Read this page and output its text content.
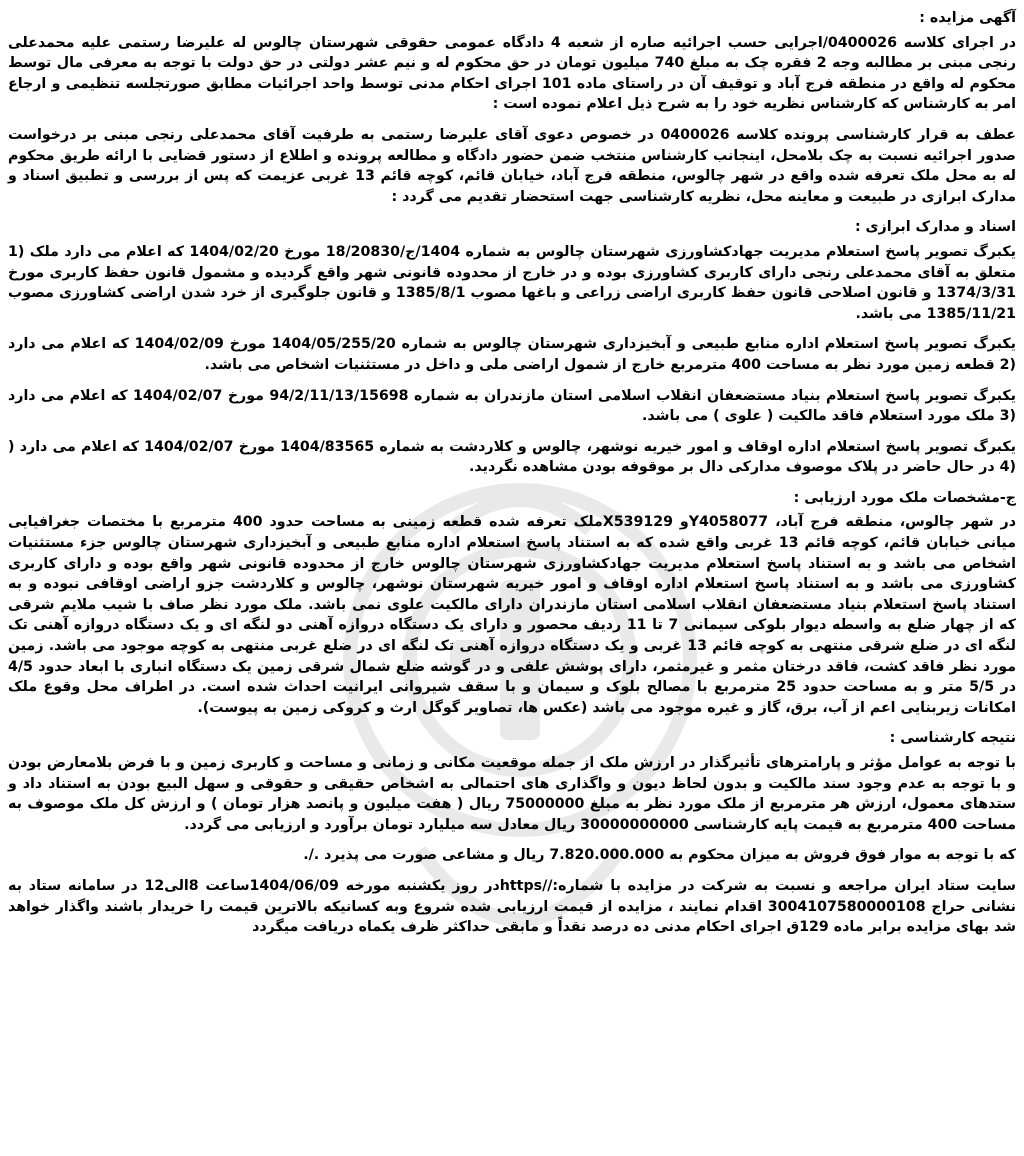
آگهی مزایده :
در اجرای کلاسه 0400026/اجرایی حسب اجرائیه صاره از شعبه 4 دادگاه عمومی حقوقی شهرستان چالوس له علیرضا رستمی علیه محمدعلی رنجی مبنی بر مطالبه وجه 2 فقره چک به مبلغ 740 میلیون تومان در حق محکوم له و نیم عشر دولتی در حق دولت با توجه به معرفی مال توسط محکوم له واقع در منطقه فرج آباد و توقیف آن در راستای ماده 101 اجرای احکام مدنی توسط واحد اجرائیات مطابق صورتجلسه تنظیمی و ارجاع امر به کارشناس که کارشناس نظریه خود را به شرح ذیل اعلام نموده است :
عطف به قرار کارشناسی پرونده کلاسه 0400026 در خصوص دعوی آقای علیرضا رستمی به طرفیت آقای محمدعلی رنجی مبنی بر درخواست صدور اجرائیه نسبت به چک بلامحل، اینجانب کارشناس منتخب ضمن حضور دادگاه و مطالعه پرونده و اطلاع از دستور قضایی با ارائه طریق محکوم له به محل ملک تعرفه شده واقع در شهر چالوس، منطقه فرج آباد، خیابان قائم، کوچه قائم 13 غربی عزیمت که پس از بررسی و تطبیق اسناد و مدارک ابرازی در طبیعت و معاینه محل، نظریه کارشناسی جهت استحضار تقدیم می گردد :
اسناد و مدارک ابرازی :
یکبرگ تصویر پاسخ استعلام مدیریت جهادکشاورزی شهرستان چالوس به شماره 1404/ج/18/20830 مورخ 1404/02/20 که اعلام می دارد ملک (1 متعلق به آقای محمدعلی رنجی دارای کاربری کشاورزی بوده و در خارج از محدوده قانونی شهر واقع گردیده و مشمول قانون حفظ کاربری مورخ 1374/3/31 و قانون اصلاحی قانون حفظ کاربری اراضی زراعی و باغها مصوب 1385/8/1 و قانون جلوگیری از خرد شدن اراضی کشاورزی مصوب 1385/11/21 می باشد.
یکبرگ تصویر پاسخ استعلام اداره منابع طبیعی و آبخیزداری شهرستان چالوس به شماره 1404/05/255/20 مورخ 1404/02/09 که اعلام می دارد (2 قطعه زمین مورد نظر به مساحت 400 مترمربع خارج از شمول اراضی ملی و داخل در مستثنیات اشخاص می باشد.
یکبرگ تصویر پاسخ استعلام بنیاد مستضعفان انقلاب اسلامی استان مازندران به شماره 94/2/11/13/15698 مورخ 1404/02/07 که اعلام می دارد (3 ملک مورد استعلام فاقد مالکیت ( علوی ) می باشد.
یکبرگ تصویر پاسخ استعلام اداره اوقاف و امور خیریه نوشهر، چالوس و کلاردشت به شماره 1404/83565 مورخ 1404/02/07 که اعلام می دارد ( (4 در حال حاضر در پلاک موصوف مدارکی دال بر موقوفه بودن مشاهده نگردید.
ج-مشخصات ملک مورد ارزیابی :
در شهر چالوس، منطقه فرج آباد، Y4058077و X539129ملک تعرفه شده قطعه زمینی به مساحت حدود 400 مترمربع با مختصات جغرافیایی میانی خیابان قائم، کوچه قائم 13 غربی واقع شده که به استناد پاسخ استعلام اداره منابع طبیعی و آبخیزداری شهرستان چالوس جزء مستثنیات اشخاص می باشد و به استناد پاسخ استعلام مدیریت جهادکشاورزی شهرستان چالوس خارج از محدوده قانونی شهر واقع بوده و دارای کاربری کشاورزی می باشد و به استناد پاسخ استعلام اداره اوقاف و امور خیریه شهرستان نوشهر، چالوس و کلاردشت جزو اراضی اوقافی نبوده و به استناد پاسخ استعلام بنیاد مستضعفان انقلاب اسلامی استان مازندران دارای مالکیت علوی نمی باشد. ملک مورد نظر صاف با شیب ملایم شرقی که از چهار ضلع به واسطه دیوار بلوکی سیمانی 7 تا 11 ردیف محصور و دارای یک دستگاه دروازه آهنی دو لنگه ای و یک دستگاه دروازه آهنی تک لنگه ای در ضلع شرقی منتهی به کوچه قائم 13 غربی و یک دستگاه دروازه آهنی تک لنگه ای در ضلع غربی منتهی به کوچه موجود می باشد. زمین مورد نظر فاقد کشت، فاقد درختان مثمر و غیرمثمر، دارای پوشش علفی و در گوشه ضلع شمال شرقی زمین یک دستگاه انباری با ابعاد حدود 4/5 در 5/5 متر و به مساحت حدود 25 مترمربع با مصالح بلوک و سیمان و با سقف شیروانی ایرانیت احداث شده است. در اطراف محل وقوع ملک امکانات زیربنایی اعم از آب، برق، گاز و غیره موجود می باشد (عکس ها، تصاویر گوگل ارث و کروکی زمین به پیوست).
نتیجه کارشناسی :
با توجه به عوامل مؤثر و پارامترهای تأثیرگذار در ارزش ملک از جمله موقعیت مکانی و زمانی و مساحت و کاربری زمین و با فرض بلامعارض بودن و با توجه به عدم وجود سند مالکیت و بدون لحاظ دیون و واگذاری های احتمالی به اشخاص حقیقی و حقوقی و سهل البیع بودن به استناد داد و ستدهای معمول، ارزش هر مترمربع از ملک مورد نظر به مبلغ 75000000 ریال ( هفت میلیون و پانصد هزار تومان ) و ارزش کل ملک موصوف به مساحت 400 مترمربع به قیمت پایه کارشناسی 30000000000 ریال معادل سه میلیارد تومان برآورد و ارزیابی می گردد.
که با توجه به موار فوق فروش به میزان محکوم به 7.820.000.000 ریال و مشاعی صورت می پذیرد ./.
سایت ستاد ایران مراجعه و نسبت به شرکت در مزایده با شماره://httpsدر روز یکشنبه مورخه 1404/06/09ساعت 8الی12 در سامانه ستاد به نشانی حراج 3004107580000108 اقدام نمایند ، مزایده از قیمت ارزیابی شده شروع وبه کسانیکه بالاترین قیمت را خریدار باشند واگذار خواهد شد بهای مزایده برابر ماده 129ق اجرای احکام مدنی ده درصد نقداً و مابقی حداکثر ظرف یکماه دریافت میگردد
